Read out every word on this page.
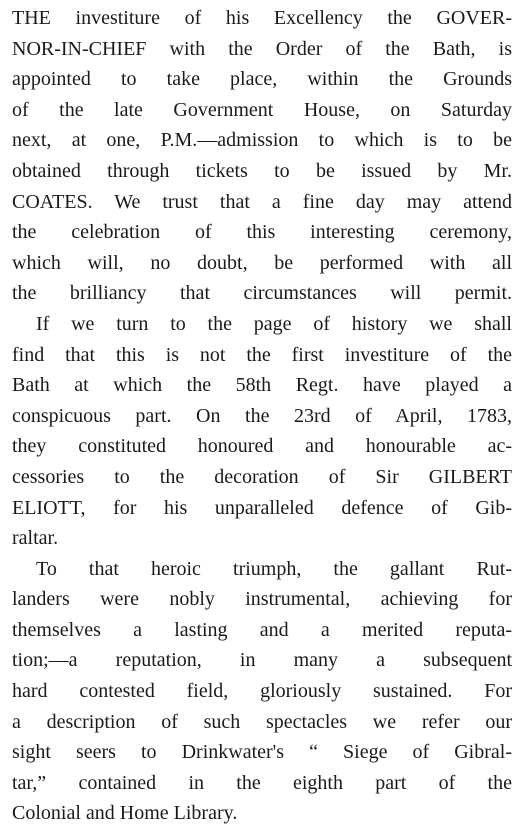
THE investiture of his Excellency the GOVER-
NOR-IN-CHIEF with the Order of the Bath, is
appointed to take place, within the Grounds
of the late Government House, on Saturday
next, at one, P.M.—admission to which is to be
obtained through tickets to be issued by Mr.
COATES. We trust that a fine day may attend
the celebration of this interesting ceremony,
which will, no doubt, be performed with all
the brilliancy that circumstances will permit.
If we turn to the page of history we shall
find that this is not the first investiture of the
Bath at which the 58th Regt. have played a
conspicuous part. On the 23rd of April, 1783,
they constituted honoured and honourable ac-
cessories to the decoration of Sir GILBERT
ELIOTT, for his unparalleled defence of Gib-
raltar.
To that heroic triumph, the gallant Rut-
landers were nobly instrumental, achieving for
themselves a lasting and a merited reputa-
tion;—a reputation, in many a subsequent
hard contested field, gloriously sustained. For
a description of such spectacles we refer our
sight seers to Drinkwater's “ Siege of Gibral-
tar,” contained in the eighth part of the
Colonial and Home Library.
